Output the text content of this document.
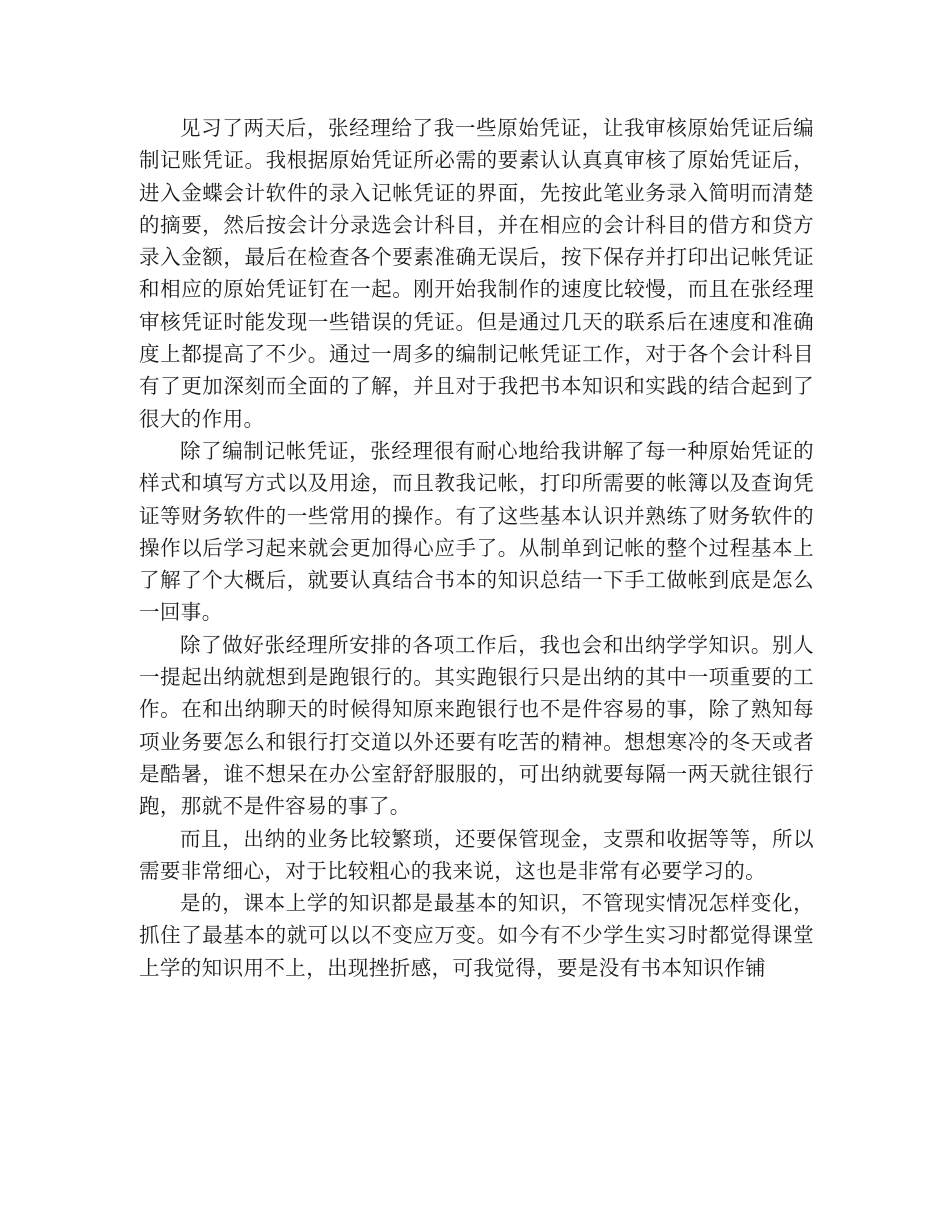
见习了两天后，张经理给了我一些原始凭证，让我审核原始凭证后编制记账凭证。我根据原始凭证所必需的要素认认真真审核了原始凭证后，进入金蝶会计软件的录入记帐凭证的界面，先按此笔业务录入简明而清楚的摘要，然后按会计分录选会计科目，并在相应的会计科目的借方和贷方录入金额，最后在检查各个要素准确无误后，按下保存并打印出记帐凭证和相应的原始凭证钉在一起。刚开始我制作的速度比较慢，而且在张经理审核凭证时能发现一些错误的凭证。但是通过几天的联系后在速度和准确度上都提高了不少。通过一周多的编制记帐凭证工作，对于各个会计科目有了更加深刻而全面的了解，并且对于我把书本知识和实践的结合起到了很大的作用。

除了编制记帐凭证，张经理很有耐心地给我讲解了每一种原始凭证的样式和填写方式以及用途，而且教我记帐，打印所需要的帐簿以及查询凭证等财务软件的一些常用的操作。有了这些基本认识并熟练了财务软件的操作以后学习起来就会更加得心应手了。从制单到记帐的整个过程基本上了解了个大概后，就要认真结合书本的知识总结一下手工做帐到底是怎么一回事。

除了做好张经理所安排的各项工作后，我也会和出纳学学知识。别人一提起出纳就想到是跑银行的。其实跑银行只是出纳的其中一项重要的工作。在和出纳聊天的时候得知原来跑银行也不是件容易的事，除了熟知每项业务要怎么和银行打交道以外还要有吃苦的精神。想想寒冷的冬天或者是酷暑，谁不想呆在办公室舒舒服服的，可出纳就要每隔一两天就往银行跑，那就不是件容易的事了。

而且，出纳的业务比较繁琐，还要保管现金，支票和收据等等，所以需要非常细心，对于比较粗心的我来说，这也是非常有必要学习的。

是的，课本上学的知识都是最基本的知识，不管现实情况怎样变化，抓住了最基本的就可以以不变应万变。如今有不少学生实习时都觉得课堂上学的知识用不上，出现挫折感，可我觉得，要是没有书本知识作铺
